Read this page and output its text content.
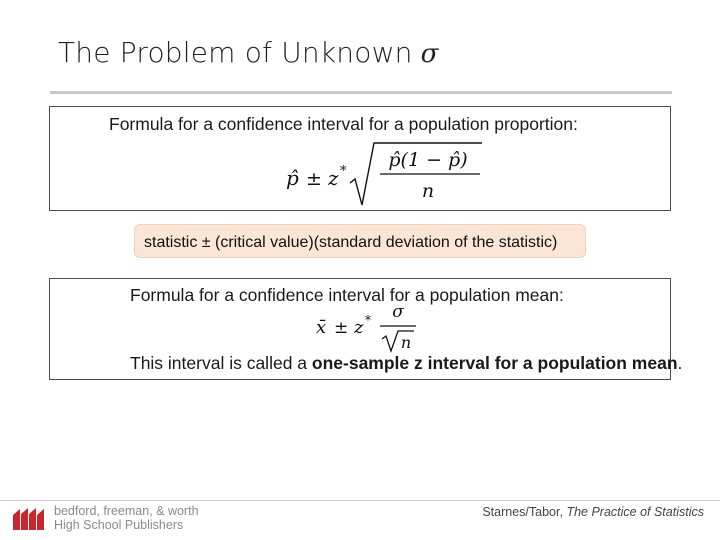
The Problem of Unknown σ
Formula for a confidence interval for a population proportion:
p̂ ± z *
p̂(1 − p̂)
n
statistic ± (critical value)(standard deviation of the statistic)
Formula for a confidence interval for a population mean:
x̄ ± z * σ
n
This interval is called a one-sample z interval for a population mean.
bedford, freeman, & worth
High School Publishers
Starnes/Tabor, The Practice of Statistics
